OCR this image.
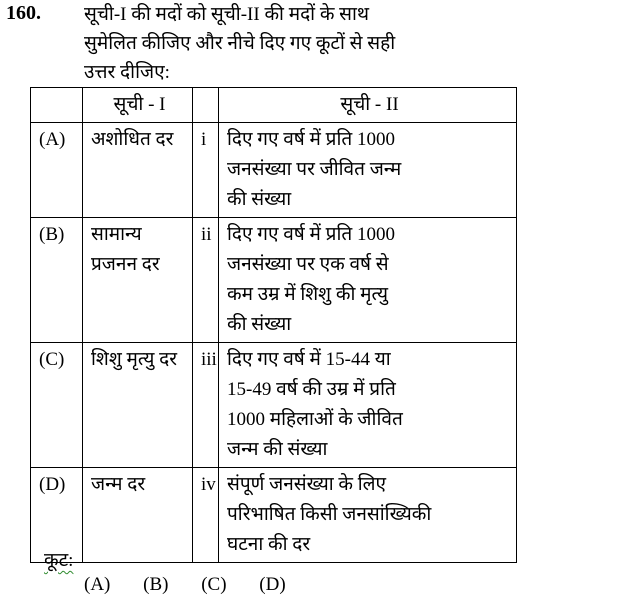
160. सूची-I की मदों को सूची-II की मदों के साथ
सुमेलित कीजिए और नीचे दिए गए कूटों से सही
उत्तर दीजिए:
	सूची - I		सूची - II
(A)	अशोधित दर	i	दिए गए वर्ष में प्रति 1000
जनसंख्या पर जीवित जन्म
की संख्या

(B)	सामान्य प्रजनन दर	ii	दिए गए वर्ष में प्रति 1000
जनसंख्या पर एक वर्ष से
कम उम्र में शिशु की मृत्यु
की संख्या

(C)	शिशु मृत्यु दर	iii	दिए गए वर्ष में 15-44 या
15-49 वर्ष की उम्र में प्रति
1000 महिलाओं के जीवित
जन्म की संख्या

(D)	जन्म दर	iv	संपूर्ण जनसंख्या के लिए
परिभाषित किसी जनसांख्यिकी
घटना की दर
कूट:
(A) (B) (C) (D)
